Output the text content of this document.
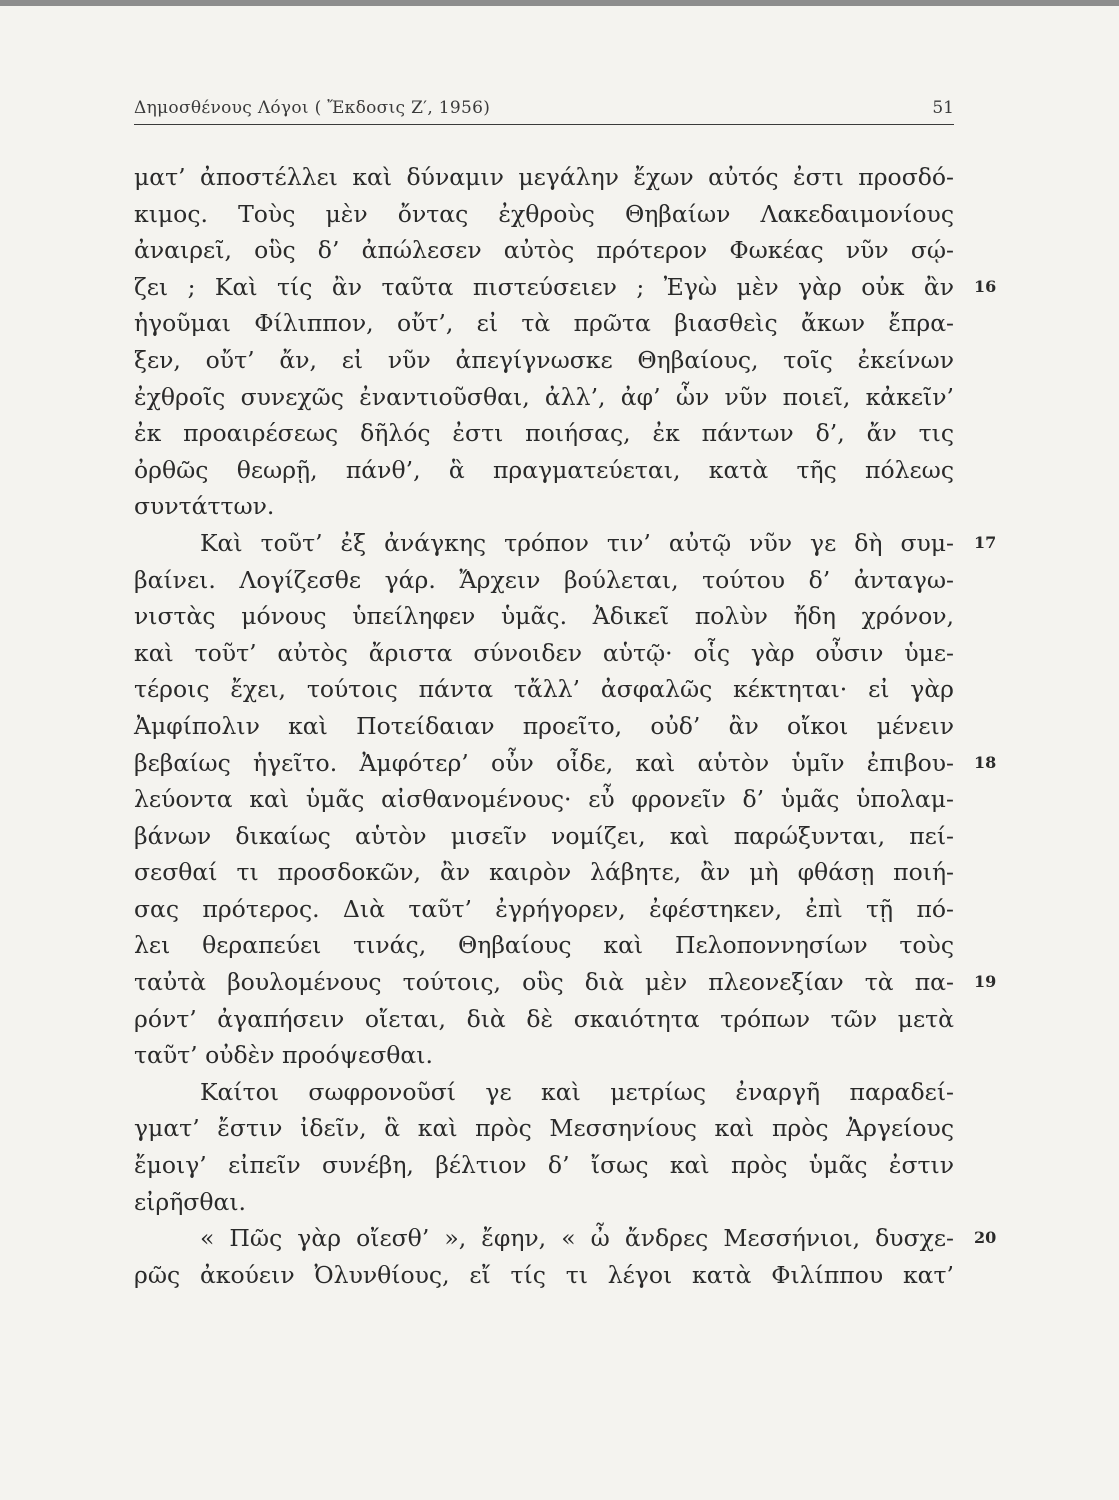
Δημοσθένους Λόγοι ( Ἔκδοσις Ζ′, 1956)	51
ματ’ ἀποστέλλει καὶ δύναμιν μεγάλην ἔχων αὐτός ἐστι προσδό-
κιμος. Τοὺς μὲν ὄντας ἐχθροὺς Θηβαίων Λακεδαιμονίους
ἀναιρεῖ, οὓς δ’ ἀπώλεσεν αὐτὸς πρότερον Φωκέας νῦν σῴ-
ζει ; Καὶ τίς ἂν ταῦτα πιστεύσειεν ; Ἐγὼ μὲν γὰρ οὐκ ἂν 16
ἡγοῦμαι Φίλιππον, οὔτ’, εἰ τὰ πρῶτα βιασθεὶς ἄκων ἔπρα-
ξεν, οὔτ’ ἄν, εἰ νῦν ἀπεγίγνωσκε Θηβαίους, τοῖς ἐκείνων
ἐχθροῖς συνεχῶς ἐναντιοῦσθαι, ἀλλ’, ἀφ’ ὧν νῦν ποιεῖ, κἀκεῖν’
ἐκ προαιρέσεως δῆλός ἐστι ποιήσας, ἐκ πάντων δ’, ἄν τις
ὀρθῶς θεωρῇ, πάνθ’, ἃ πραγματεύεται, κατὰ τῆς πόλεως
συντάττων.
Καὶ τοῦτ’ ἐξ ἀνάγκης τρόπον τιν’ αὐτῷ νῦν γε δὴ συμ- 17
βαίνει. Λογίζεσθε γάρ. Ἄρχειν βούλεται, τούτου δ’ ἀνταγω-
νιστὰς μόνους ὑπείληφεν ὑμᾶς. Ἀδικεῖ πολὺν ἤδη χρόνον,
καὶ τοῦτ’ αὐτὸς ἄριστα σύνοιδεν αὑτῷ· οἷς γὰρ οὖσιν ὑμε-
τέροις ἔχει, τούτοις πάντα τἄλλ’ ἀσφαλῶς κέκτηται· εἰ γὰρ
Ἀμφίπολιν καὶ Ποτείδαιαν προεῖτο, οὐδ’ ἂν οἴκοι μένειν
βεβαίως ἡγεῖτο. Ἀμφότερ’ οὖν οἶδε, καὶ αὑτὸν ὑμῖν ἐπιβου- 18
λεύοντα καὶ ὑμᾶς αἰσθανομένους· εὖ φρονεῖν δ’ ὑμᾶς ὑπολαμ-
βάνων δικαίως αὑτὸν μισεῖν νομίζει, καὶ παρώξυνται, πεί-
σεσθαί τι προσδοκῶν, ἂν καιρὸν λάβητε, ἂν μὴ φθάσῃ ποιή-
σας πρότερος. Διὰ ταῦτ’ ἐγρήγορεν, ἐφέστηκεν, ἐπὶ τῇ πό-
λει θεραπεύει τινάς, Θηβαίους καὶ Πελοποννησίων τοὺς
ταὐτὰ βουλομένους τούτοις, οὓς διὰ μὲν πλεονεξίαν τὰ πα- 19
ρόντ’ ἀγαπήσειν οἴεται, διὰ δὲ σκαιότητα τρόπων τῶν μετὰ
ταῦτ’ οὐδὲν προόψεσθαι.
Καίτοι σωφρονοῦσί γε καὶ μετρίως ἐναργῆ παραδεί-
γματ’ ἔστιν ἰδεῖν, ἃ καὶ πρὸς Μεσσηνίους καὶ πρὸς Ἀργείους
ἔμοιγ’ εἰπεῖν συνέβη, βέλτιον δ’ ἴσως καὶ πρὸς ὑμᾶς ἐστιν
εἰρῆσθαι.
« Πῶς γὰρ οἴεσθ’ », ἔφην, « ὦ ἄνδρες Μεσσήνιοι, δυσχε- 20
ρῶς ἀκούειν Ὀλυνθίους, εἴ τίς τι λέγοι κατὰ Φιλίππου κατ’
